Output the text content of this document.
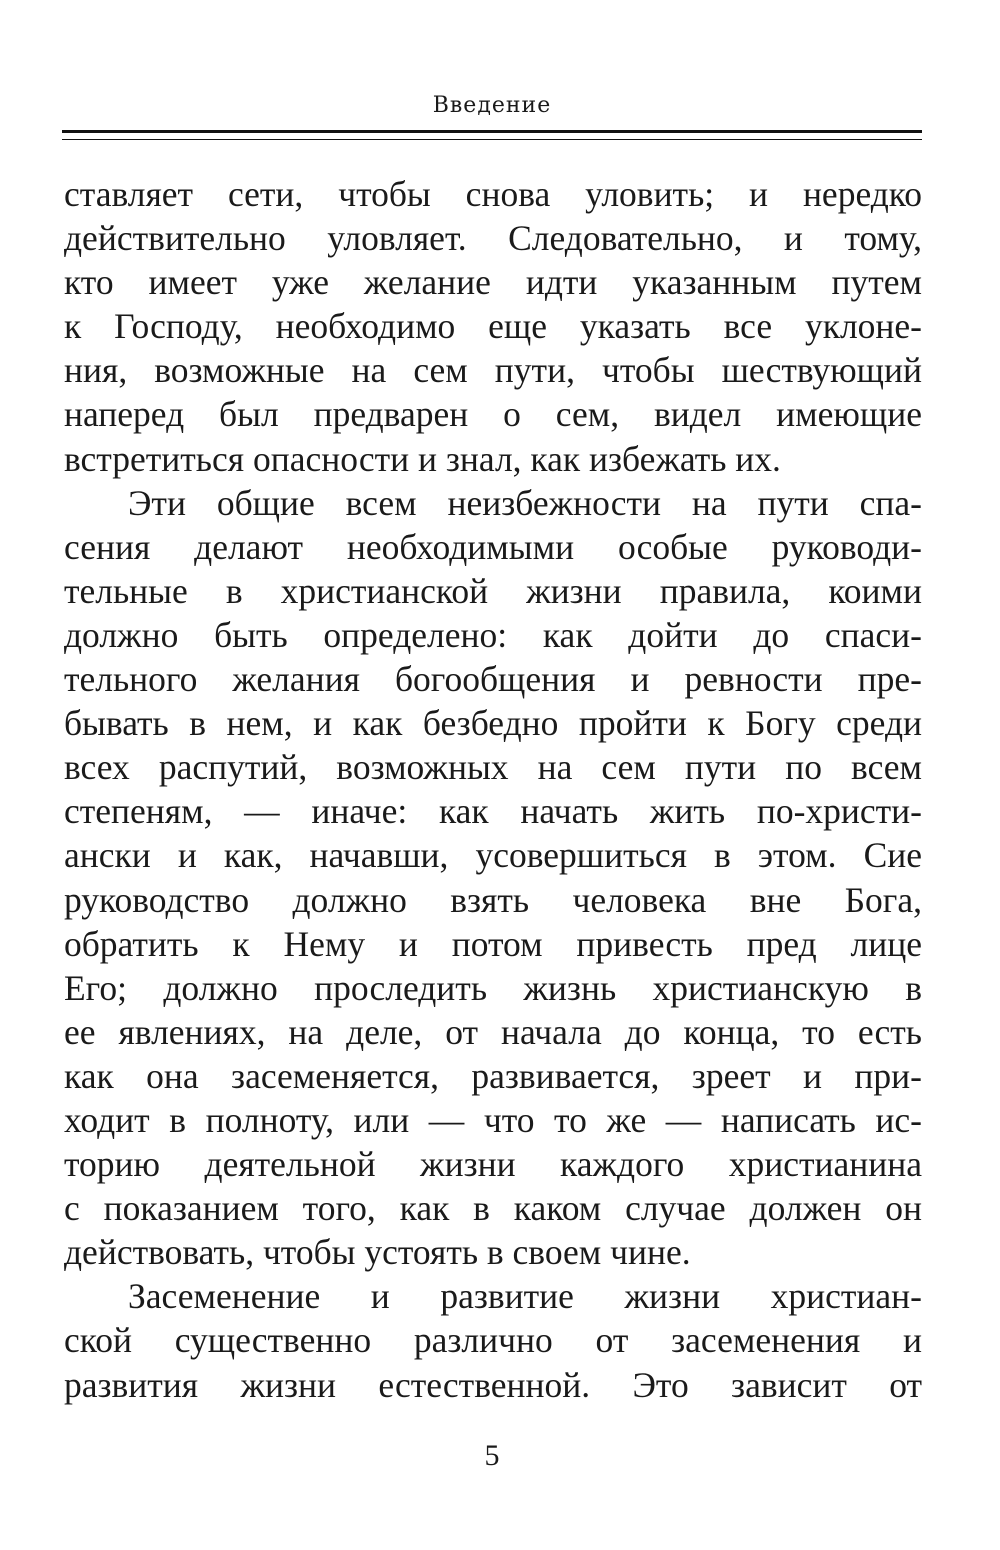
Введение
ставляет сети, чтобы снова уловить; и нередко
действительно уловляет. Следовательно, и тому,
кто имеет уже желание идти указанным путем
к Господу, необходимо еще указать все уклоне-
ния, возможные на сем пути, чтобы шествующий
наперед был предварен о сем, видел имеющие
встретиться опасности и знал, как избежать их.
Эти общие всем неизбежности на пути спа-
сения делают необходимыми особые руководи-
тельные в христианской жизни правила, коими
должно быть определено: как дойти до спаси-
тельного желания богообщения и ревности пре-
бывать в нем, и как безбедно пройти к Богу среди
всех распутий, возможных на сем пути по всем
степеням, — иначе: как начать жить по-христи-
ански и как, начавши, усовершиться в этом. Сие
руководство должно взять человека вне Бога,
обратить к Нему и потом привесть пред лице
Его; должно проследить жизнь христианскую в
ее явлениях, на деле, от начала до конца, то есть
как она засеменяется, развивается, зреет и при-
ходит в полноту, или — что то же — написать ис-
торию деятельной жизни каждого христианина
с показанием того, как в каком случае должен он
действовать, чтобы устоять в своем чине.
Засеменение и развитие жизни христиан-
ской существенно различно от засеменения и
развития жизни естественной. Это зависит от
5
